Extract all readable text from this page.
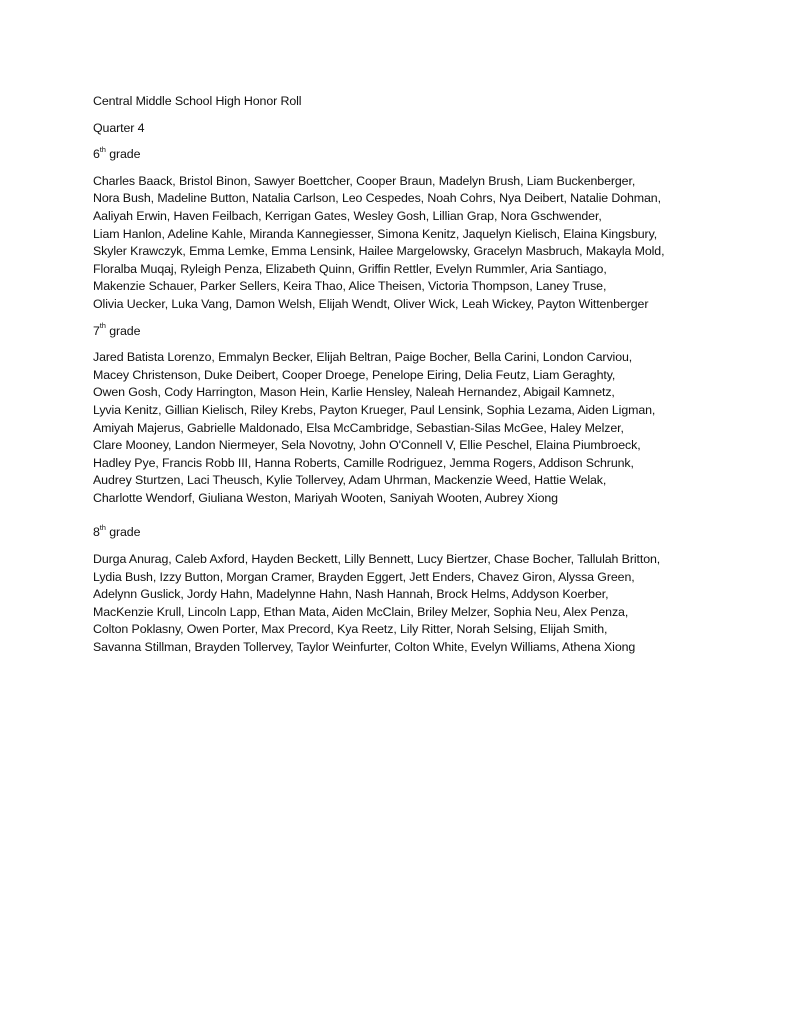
Central Middle School High Honor Roll

Quarter 4

6th grade

Charles Baack, Bristol Binon, Sawyer Boettcher, Cooper Braun, Madelyn Brush, Liam Buckenberger,
Nora Bush, Madeline Button, Natalia Carlson, Leo Cespedes, Noah Cohrs, Nya Deibert, Natalie Dohman,
Aaliyah Erwin, Haven Feilbach, Kerrigan Gates, Wesley Gosh, Lillian Grap, Nora Gschwender,
Liam Hanlon, Adeline Kahle, Miranda Kannegiesser, Simona Kenitz, Jaquelyn Kielisch, Elaina Kingsbury,
Skyler Krawczyk, Emma Lemke, Emma Lensink, Hailee Margelowsky, Gracelyn Masbruch, Makayla Mold,
Floralba Muqaj, Ryleigh Penza, Elizabeth Quinn, Griffin Rettler, Evelyn Rummler, Aria Santiago,
Makenzie Schauer, Parker Sellers, Keira Thao, Alice Theisen, Victoria Thompson, Laney Truse,
Olivia Uecker, Luka Vang, Damon Welsh, Elijah Wendt, Oliver Wick, Leah Wickey, Payton Wittenberger

7th grade

Jared Batista Lorenzo, Emmalyn Becker, Elijah Beltran, Paige Bocher, Bella Carini, London Carviou,
Macey Christenson, Duke Deibert, Cooper Droege, Penelope Eiring, Delia Feutz, Liam Geraghty,
Owen Gosh, Cody Harrington, Mason Hein, Karlie Hensley, Naleah Hernandez, Abigail Kamnetz,
Lyvia Kenitz, Gillian Kielisch, Riley Krebs, Payton Krueger, Paul Lensink, Sophia Lezama, Aiden Ligman,
Amiyah Majerus, Gabrielle Maldonado, Elsa McCambridge, Sebastian-Silas McGee, Haley Melzer,
Clare Mooney, Landon Niermeyer, Sela Novotny, John O'Connell V, Ellie Peschel, Elaina Piumbroeck,
Hadley Pye, Francis Robb III, Hanna Roberts, Camille Rodriguez, Jemma Rogers, Addison Schrunk,
Audrey Sturtzen, Laci Theusch, Kylie Tollervey, Adam Uhrman, Mackenzie Weed, Hattie Welak,
Charlotte Wendorf, Giuliana Weston, Mariyah Wooten, Saniyah Wooten, Aubrey Xiong

8th grade

Durga Anurag, Caleb Axford, Hayden Beckett, Lilly Bennett, Lucy Biertzer, Chase Bocher, Tallulah Britton,
Lydia Bush, Izzy Button, Morgan Cramer, Brayden Eggert, Jett Enders, Chavez Giron, Alyssa Green,
Adelynn Guslick, Jordy Hahn, Madelynne Hahn, Nash Hannah, Brock Helms, Addyson Koerber,
MacKenzie Krull, Lincoln Lapp, Ethan Mata, Aiden McClain, Briley Melzer, Sophia Neu, Alex Penza,
Colton Poklasny, Owen Porter, Max Precord, Kya Reetz, Lily Ritter, Norah Selsing, Elijah Smith,
Savanna Stillman, Brayden Tollervey, Taylor Weinfurter, Colton White, Evelyn Williams, Athena Xiong
